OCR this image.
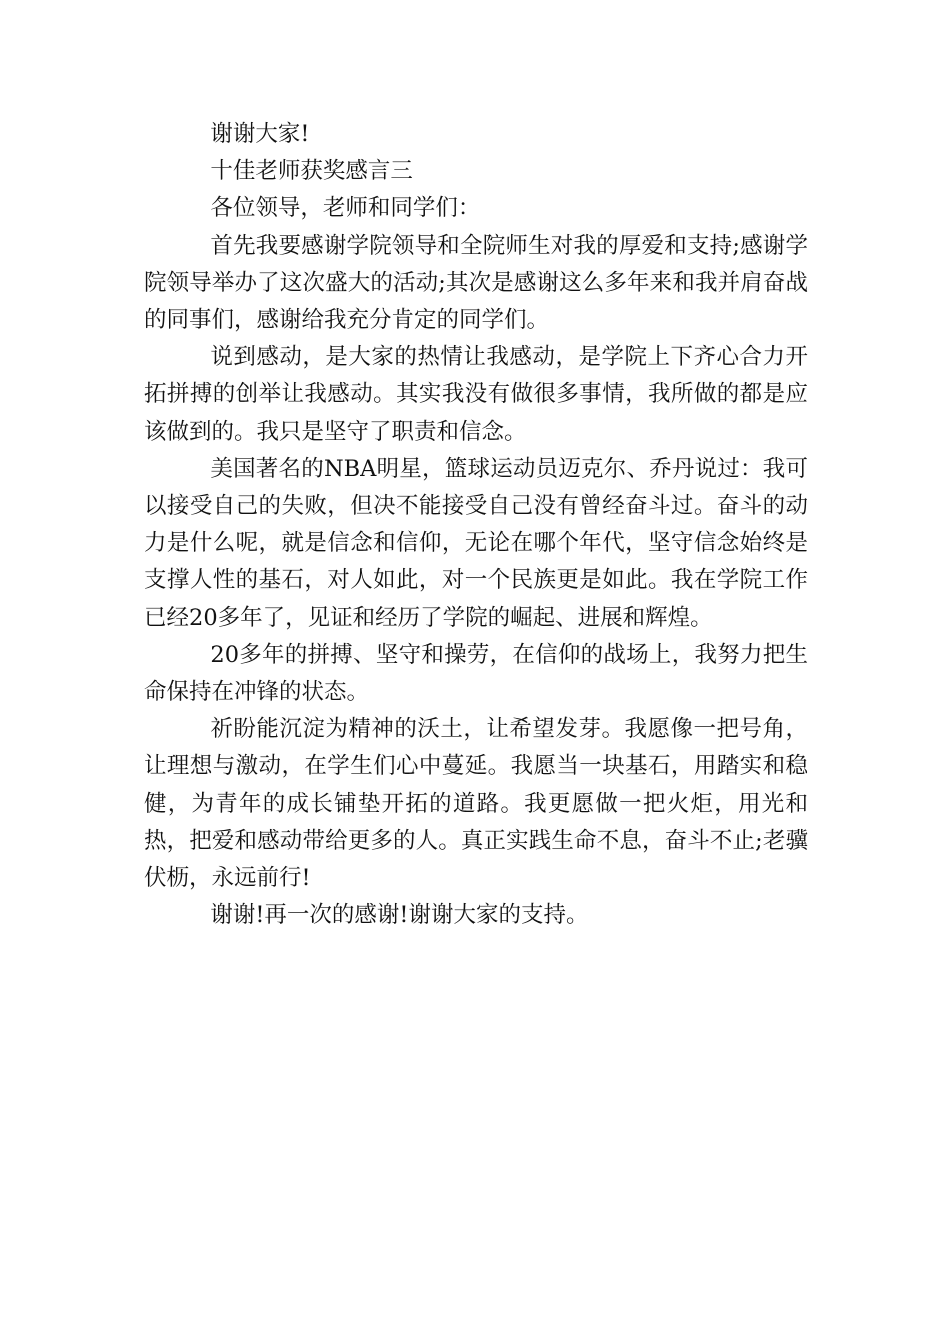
谢谢大家!

十佳老师获奖感言三

各位领导，老师和同学们：

首先我要感谢学院领导和全院师生对我的厚爱和支持;感谢学院领导举办了这次盛大的活动;其次是感谢这么多年来和我并肩奋战的同事们，感谢给我充分肯定的同学们。

说到感动，是大家的热情让我感动，是学院上下齐心合力开拓拼搏的创举让我感动。其实我没有做很多事情，我所做的都是应该做到的。我只是坚守了职责和信念。

美国著名的NBA明星，篮球运动员迈克尔、乔丹说过：我可以接受自己的失败，但决不能接受自己没有曾经奋斗过。奋斗的动力是什么呢，就是信念和信仰，无论在哪个年代，坚守信念始终是支撑人性的基石，对人如此，对一个民族更是如此。我在学院工作已经20多年了，见证和经历了学院的崛起、进展和辉煌。

20多年的拼搏、坚守和操劳，在信仰的战场上，我努力把生命保持在冲锋的状态。

祈盼能沉淀为精神的沃土，让希望发芽。我愿像一把号角，让理想与激动，在学生们心中蔓延。我愿当一块基石，用踏实和稳健，为青年的成长铺垫开拓的道路。我更愿做一把火炬，用光和热，把爱和感动带给更多的人。真正实践生命不息，奋斗不止;老骥伏枥，永远前行!

谢谢!再一次的感谢!谢谢大家的支持。
